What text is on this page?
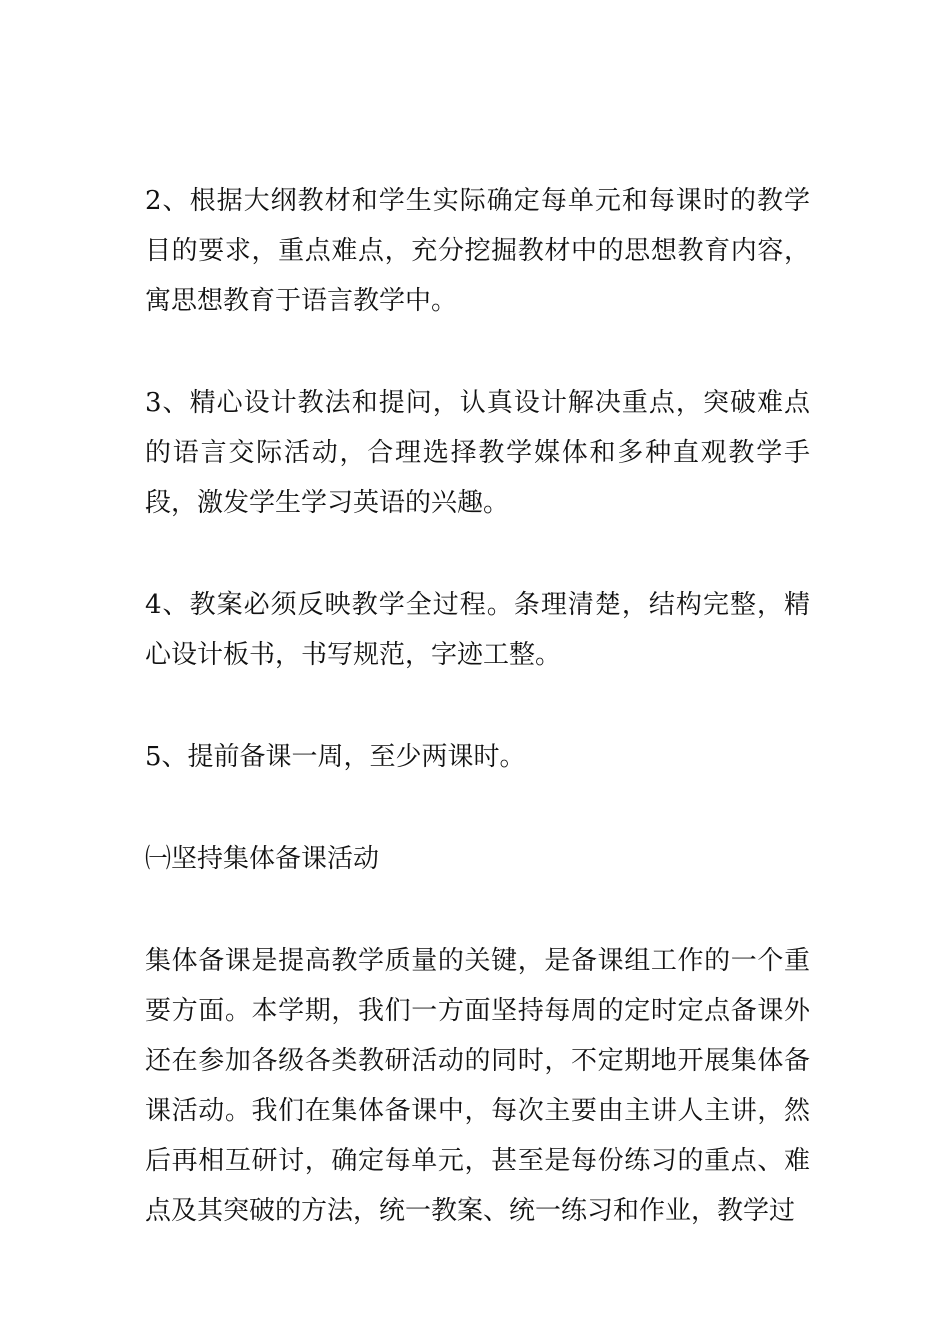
2、根据大纲教材和学生实际确定每单元和每课时的教学目的要求，重点难点，充分挖掘教材中的思想教育内容，寓思想教育于语言教学中。

3、精心设计教法和提问，认真设计解决重点，突破难点的语言交际活动，合理选择教学媒体和多种直观教学手段，激发学生学习英语的兴趣。

4、教案必须反映教学全过程。条理清楚，结构完整，精心设计板书，书写规范，字迹工整。

5、提前备课一周，至少两课时。

㈠坚持集体备课活动

集体备课是提高教学质量的关键，是备课组工作的一个重要方面。本学期，我们一方面坚持每周的定时定点备课外还在参加各级各类教研活动的同时，不定期地开展集体备课活动。我们在集体备课中，每次主要由主讲人主讲，然后再相互研讨，确定每单元，甚至是每份练习的重点、难点及其突破的方法，统一教案、统一练习和作业，教学过
